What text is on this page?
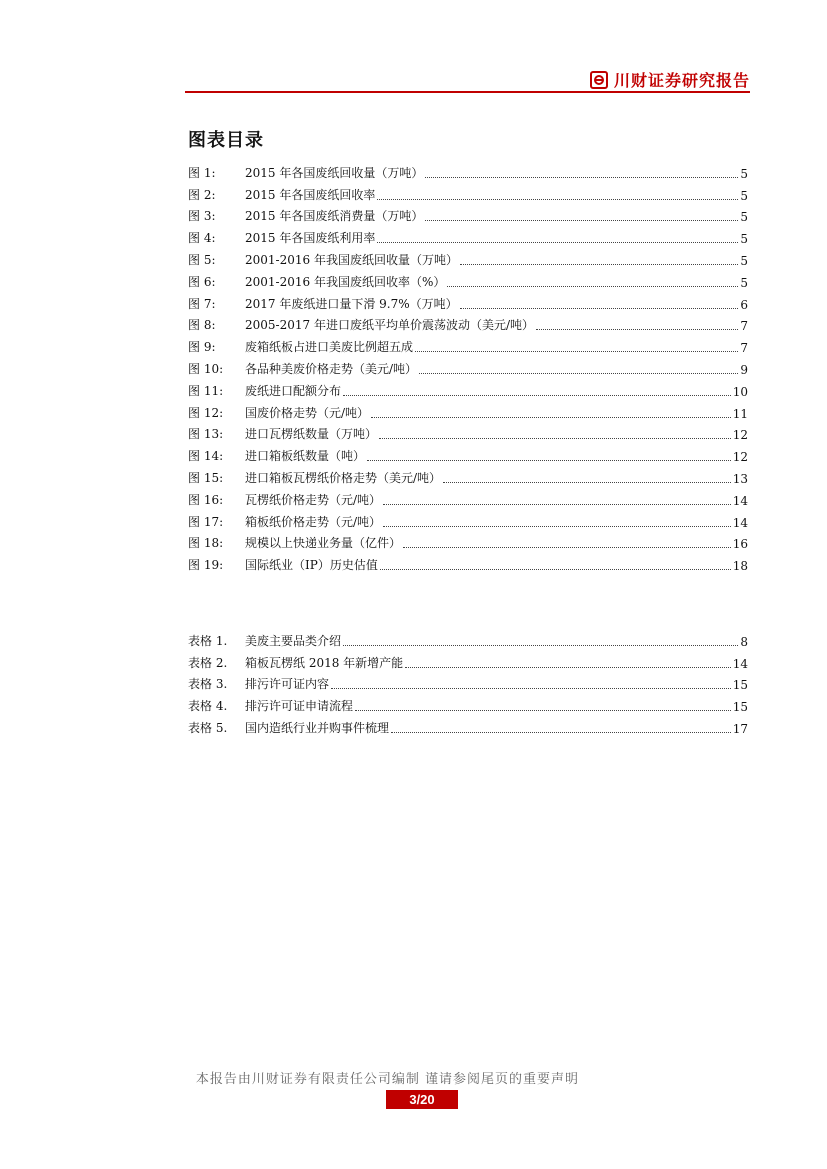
川财证券研究报告
图表目录
图 1:	2015 年各国废纸回收量（万吨）	5
图 2:	2015 年各国废纸回收率	5
图 3:	2015 年各国废纸消费量（万吨）	5
图 4:	2015 年各国废纸利用率	5
图 5:	2001-2016 年我国废纸回收量（万吨）	5
图 6:	2001-2016 年我国废纸回收率（%）	5
图 7:	2017 年废纸进口量下滑 9.7%（万吨）	6
图 8:	2005-2017 年进口废纸平均单价震荡波动（美元/吨）	7
图 9:	废箱纸板占进口美废比例超五成	7
图 10:	各品种美废价格走势（美元/吨）	9
图 11:	废纸进口配额分布	10
图 12:	国废价格走势（元/吨）	11
图 13:	进口瓦楞纸数量（万吨）	12
图 14:	进口箱板纸数量（吨）	12
图 15:	进口箱板瓦楞纸价格走势（美元/吨）	13
图 16:	瓦楞纸价格走势（元/吨）	14
图 17:	箱板纸价格走势（元/吨）	14
图 18:	规模以上快递业务量（亿件）	16
图 19:	国际纸业（IP）历史估值	18
表格 1.	美废主要品类介绍	8
表格 2.	箱板瓦楞纸 2018 年新增产能	14
表格 3.	排污许可证内容	15
表格 4.	排污许可证申请流程	15
表格 5.	国内造纸行业并购事件梳理	17
本报告由川财证券有限责任公司编制 谨请参阅尾页的重要声明
3/20
